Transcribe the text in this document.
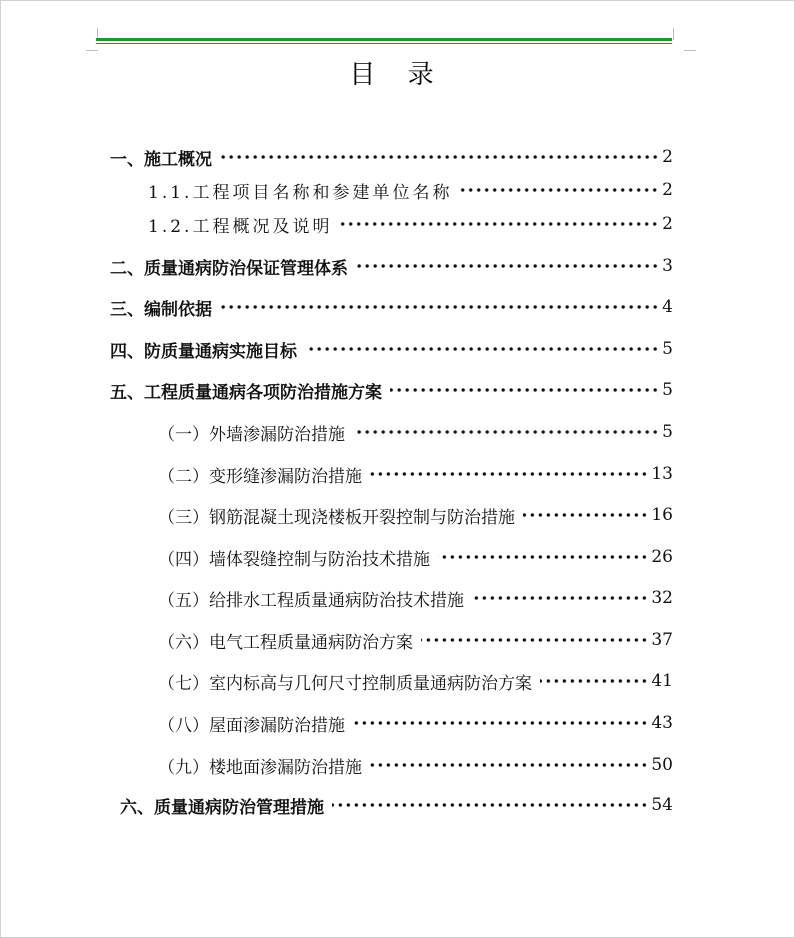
目 录
一、施工概况	2
1.1.工程项目名称和参建单位名称	2
1.2.工程概况及说明	2
二、质量通病防治保证管理体系	3
三、编制依据	4
四、防质量通病实施目标	5
五、工程质量通病各项防治措施方案	5
（一）外墙渗漏防治措施	5
（二）变形缝渗漏防治措施	13
（三）钢筋混凝土现浇楼板开裂控制与防治措施	16
（四）墙体裂缝控制与防治技术措施	26
（五）给排水工程质量通病防治技术措施	32
（六）电气工程质量通病防治方案	37
（七）室内标高与几何尺寸控制质量通病防治方案	41
（八）屋面渗漏防治措施	43
（九）楼地面渗漏防治措施	50
六、质量通病防治管理措施	54
